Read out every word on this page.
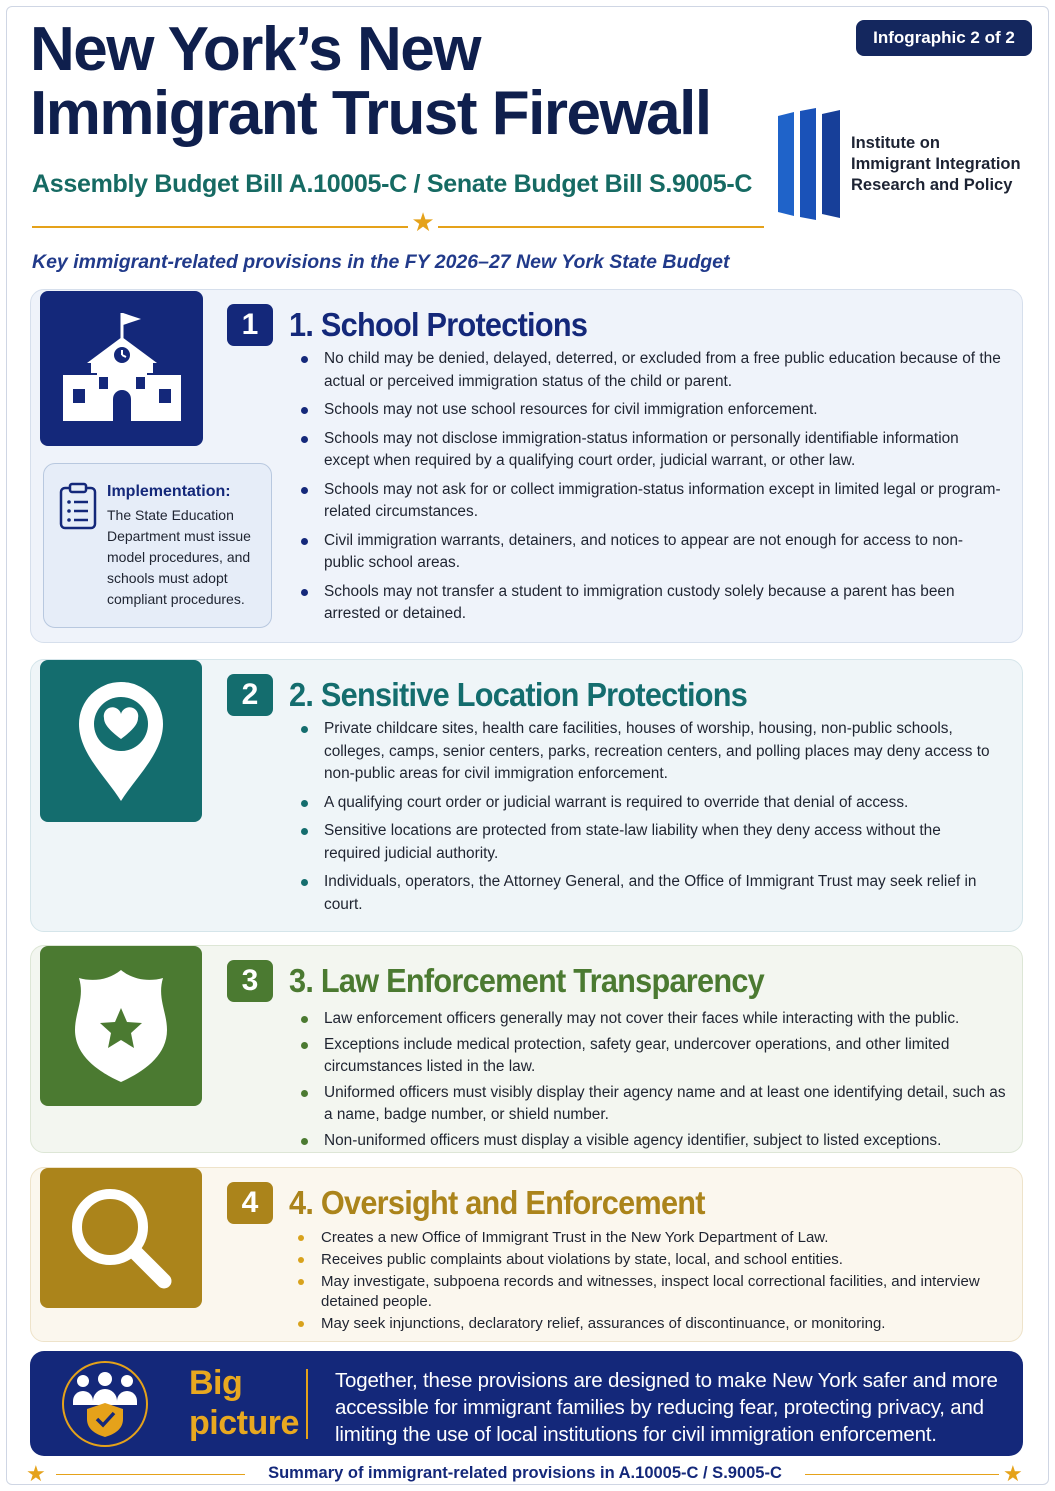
New York’s New
Immigrant Trust Firewall
Assembly Budget Bill A.10005-C / Senate Budget Bill S.9005-C
★
Infographic 2 of 2
Institute on
Immigrant Integration
Research and Policy
Key immigrant-related provisions in the FY 2026–27 New York State Budget
1 1. School Protections
No child may be denied, delayed, deterred, or excluded from a free public education because of the actual or perceived immigration status of the child or parent.
Schools may not use school resources for civil immigration enforcement.
Schools may not disclose immigration-status information or personally identifiable information except when required by a qualifying court order, judicial warrant, or other law.
Schools may not ask for or collect immigration-status information except in limited legal or program-related circumstances.
Civil immigration warrants, detainers, and notices to appear are not enough for access to non-public school areas.
Schools may not transfer a student to immigration custody solely because a parent has been arrested or detained.
Implementation:
The State Education Department must issue model procedures, and schools must adopt compliant procedures.
2 2. Sensitive Location Protections
Private childcare sites, health care facilities, houses of worship, housing, non-public schools, colleges, camps, senior centers, parks, recreation centers, and polling places may deny access to non-public areas for civil immigration enforcement.
A qualifying court order or judicial warrant is required to override that denial of access.
Sensitive locations are protected from state-law liability when they deny access without the required judicial authority.
Individuals, operators, the Attorney General, and the Office of Immigrant Trust may seek relief in court.
3 3. Law Enforcement Transparency
Law enforcement officers generally may not cover their faces while interacting with the public.
Exceptions include medical protection, safety gear, undercover operations, and other limited circumstances listed in the law.
Uniformed officers must visibly display their agency name and at least one identifying detail, such as a name, badge number, or shield number.
Non-uniformed officers must display a visible agency identifier, subject to listed exceptions.
4 4. Oversight and Enforcement
Creates a new Office of Immigrant Trust in the New York Department of Law.
Receives public complaints about violations by state, local, and school entities.
May investigate, subpoena records and witnesses, inspect local correctional facilities, and interview detained people.
May seek injunctions, declaratory relief, assurances of discontinuance, or monitoring.
Big
picture
Together, these provisions are designed to make New York safer and more accessible for immigrant families by reducing fear, protecting privacy, and limiting the use of local institutions for civil immigration enforcement.
★	Summary of immigrant-related provisions in A.10005-C / S.9005-C	★
